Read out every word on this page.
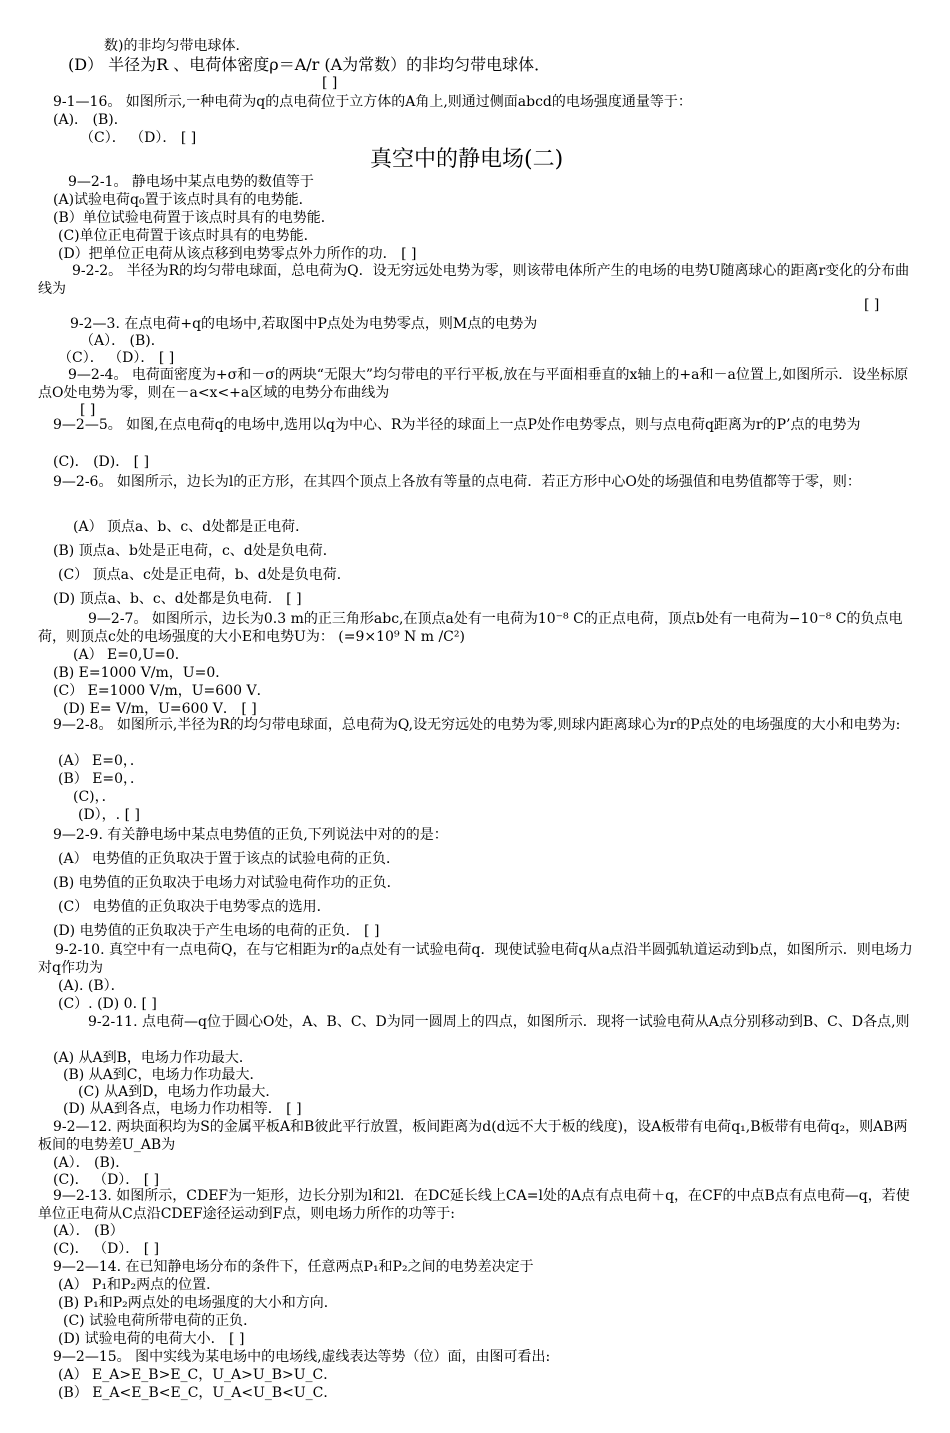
数)的非均匀带电球体．
(D） 半径为R 、电荷体密度ρ＝A/r (A为常数）的非均匀带电球体．
[ ]
9-1—16。 如图所示,一种电荷为q的点电荷位于立方体的A角上,则通过侧面abcd的电场强度通量等于：
(A)． (B)．
（C）． （D）． [ ]
真空中的静电场(二)
9—2-1。 静电场中某点电势的数值等于
(A)试验电荷q₀置于该点时具有的电势能．
(B）单位试验电荷置于该点时具有的电势能．
(C)单位正电荷置于该点时具有的电势能．
(D）把单位正电荷从该点移到电势零点外力所作的功． [ ]
9-2-2。 半径为R的均匀带电球面，总电荷为Q．设无穷远处电势为零，则该带电体所产生的电场的电势U随离球心的距离r变化的分布曲线为
[ ]
9-2—3. 在点电荷+q的电场中,若取图中P点处为电势零点，则M点的电势为
（A）． (B)．
（C）． （D）． [ ]
9—2-4。 电荷面密度为+σ和－σ的两块“无限大”均匀带电的平行平板,放在与平面相垂直的x轴上的+a和－a位置上,如图所示．设坐标原点O处电势为零，则在－a<x<+a区域的电势分布曲线为
[ ]
9—2—5。 如图,在点电荷q的电场中,选用以q为中心、R为半径的球面上一点P处作电势零点，则与点电荷q距离为r的P’点的电势为
(C)． (D)． [ ]
9—2-6。 如图所示，边长为l的正方形，在其四个顶点上各放有等量的点电荷．若正方形中心O处的场强值和电势值都等于零，则：
(A） 顶点a、b、c、d处都是正电荷．
(B) 顶点a、b处是正电荷，c、d处是负电荷．
(C） 顶点a、c处是正电荷，b、d处是负电荷．
(D) 顶点a、b、c、d处都是负电荷． [ ]
9—2-7。 如图所示，边长为0.3 m的正三角形abc,在顶点a处有一电荷为10⁻⁸ C的正点电荷，顶点b处有一电荷为−10⁻⁸ C的负点电荷，则顶点c处的电场强度的大小E和电势U为： (=9×10⁹ N m /C²)
(A） E=0,U=0．
(B) E=1000 V/m，U=0．
(C） E=1000 V/m，U=600 V．
(D) E= V/m，U=600 V． [ ]
9—2-8。 如图所示,半径为R的均匀带电球面，总电荷为Q,设无穷远处的电势为零,则球内距离球心为r的P点处的电场强度的大小和电势为:
(A） E=0，．
(B） E=0，．
(C)，．
(D），. [ ]
9—2-9. 有关静电场中某点电势值的正负,下列说法中对的的是：
(A） 电势值的正负取决于置于该点的试验电荷的正负．
(B) 电势值的正负取决于电场力对试验电荷作功的正负．
(C） 电势值的正负取决于电势零点的选用．
(D) 电势值的正负取决于产生电场的电荷的正负． [ ]
9-2-10. 真空中有一点电荷Q，在与它相距为r的a点处有一试验电荷q．现使试验电荷q从a点沿半圆弧轨道运动到b点，如图所示．则电场力对q作功为
(A). (B）．
(C）. (D) 0. [ ]
9-2-11. 点电荷—q位于圆心O处，A、B、C、D为同一圆周上的四点，如图所示．现将一试验电荷从A点分别移动到B、C、D各点,则
(A) 从A到B，电场力作功最大．
(B) 从A到C，电场力作功最大．
(C) 从A到D，电场力作功最大．
(D) 从A到各点，电场力作功相等． [ ]
9-2—12. 两块面积均为S的金属平板A和B彼此平行放置，板间距离为d(d远不大于板的线度)，设A板带有电荷q₁,B板带有电荷q₂，则AB两板间的电势差U_AB为
(A）． (B)．
(C)． （D）． [ ]
9—2-13. 如图所示，CDEF为一矩形，边长分别为l和2l．在DC延长线上CA=l处的A点有点电荷＋q，在CF的中点B点有点电荷—q，若使单位正电荷从C点沿CDEF途径运动到F点，则电场力所作的功等于:
(A）． (B）
(C)． （D）． [ ]
9—2—14. 在已知静电场分布的条件下，任意两点P₁和P₂之间的电势差决定于
(A） P₁和P₂两点的位置．
(B) P₁和P₂两点处的电场强度的大小和方向．
(C) 试验电荷所带电荷的正负．
(D) 试验电荷的电荷大小． [ ]
9—2—15。 图中实线为某电场中的电场线,虚线表达等势（位）面，由图可看出:
(A） E_A>E_B>E_C，U_A>U_B>U_C．
(B） E_A<E_B<E_C，U_A<U_B<U_C．
